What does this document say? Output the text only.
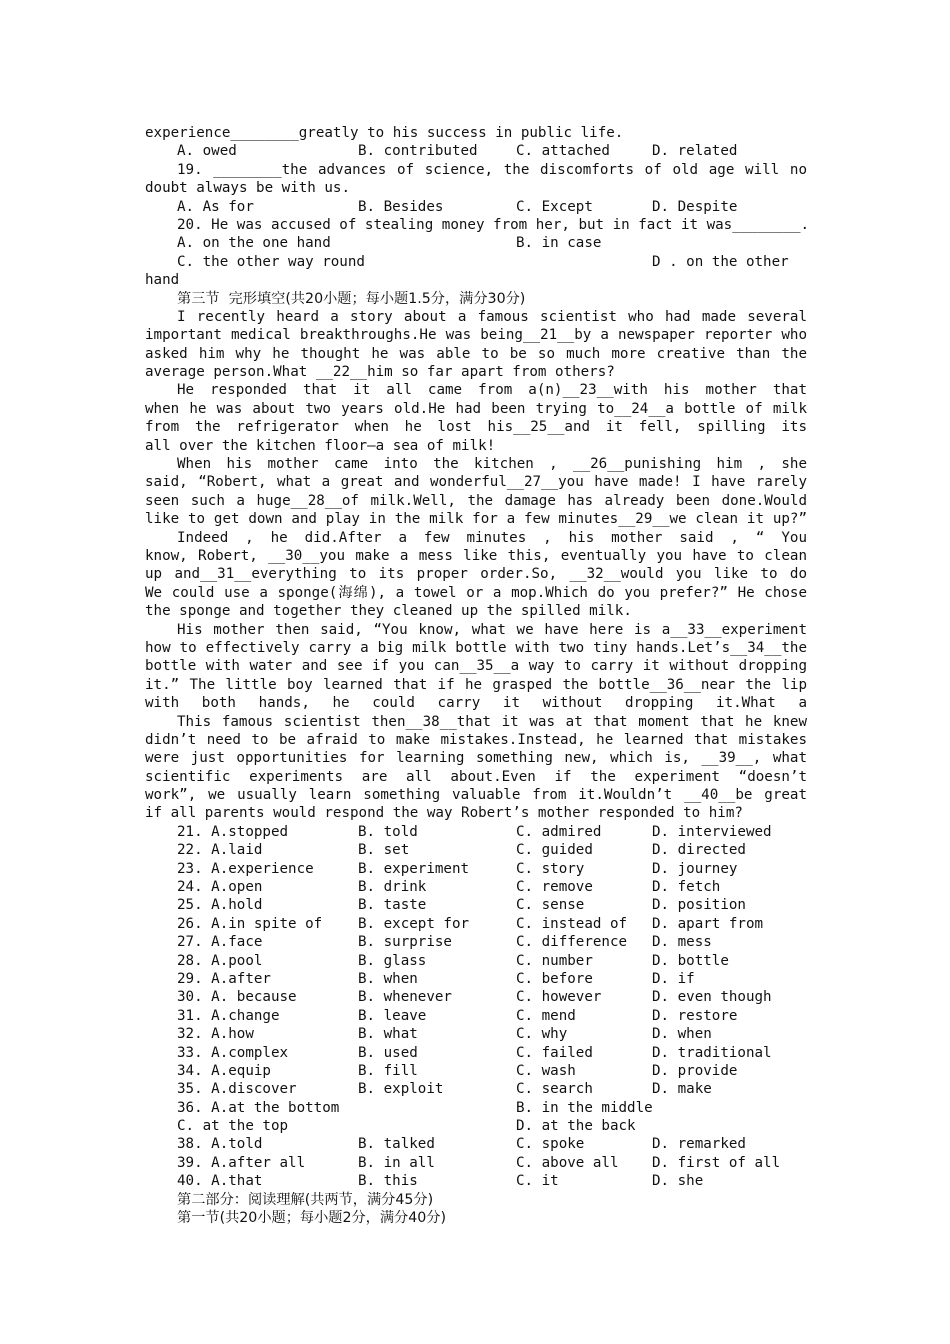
experience________greatly to his success in public life.

A. owed

	B. contributed

	C. attached

	D. related

19. ________the advances of science, the discomforts of old age will no
doubt always be with us.

A. As for

	B. Besides

	C. Except

	D. Despite

20. He was accused of stealing money from her, but in fact it was________.

A. on the one hand

	B. in case

C. the other way round

	D . on the other

hand
第三节  完形填空(共20小题；每小题1.5分，满分30分)
I recently heard a story about a famous scientist who had made several
important medical breakthroughs.He was being__21__by a newspaper reporter who
asked him why he thought he was able to be so much more creative than the
average person.What __22__him so far apart from others?
He responded that it all came from a(n)__23__with his mother that
when he was about two years old.He had been trying to__24__a bottle of milk
from the refrigerator when he lost his__25__and it fell, spilling its
all over the kitchen floor—a sea of milk!
When his mother came into the kitchen , __26__punishing him , she
said, “Robert, what a great and wonderful__27__you have made! I have rarely
seen such a huge__28__of milk.Well, the damage has already been done.Would
like to get down and play in the milk for a few minutes__29__we clean it up?”
Indeed , he did.After a few minutes , his mother said , “ You
know, Robert, __30__you make a mess like this, eventually you have to clean
up and__31__everything to its proper order.So, __32__would you like to do
We could use a sponge(海绵), a towel or a mop.Which do you prefer?” He chose
the sponge and together they cleaned up the spilled milk.
His mother then said, “You know, what we have here is a__33__experiment
how to effectively carry a big milk bottle with two tiny hands.Let’s__34__the
bottle with water and see if you can__35__a way to carry it without dropping
it.” The little boy learned that if he grasped the bottle__36__near the lip
with both hands, he could carry it without dropping it.What a
This famous scientist then__38__that it was at that moment that he knew
didn’t need to be afraid to make mistakes.Instead, he learned that mistakes
were just opportunities for learning something new, which is, __39__, what
scientific experiments are all about.Even if the experiment “doesn’t
work”, we usually learn something valuable from it.Wouldn’t __40__be great
if all parents would respond the way Robert’s mother responded to him?
21. A.stopped	B. told	C. admired	D. interviewed
22. A.laid	B. set	C. guided	D. directed
23. A.experience	B. experiment	C. story	D. journey
24. A.open	B. drink	C. remove	D. fetch
25. A.hold	B. taste	C. sense	D. position
26. A.in spite of	B. except for	C. instead of D. apart from
27. A.face	B. surprise	C. difference D. mess
28. A.pool	B. glass	C. number	D. bottle
29. A.after	B. when	C. before	D. if
30. A. because	B. whenever	C. however	D. even though
31. A.change	B. leave	C. mend	D. restore
32. A.how	B. what	C. why	D. when
33. A.complex	B. used	C. failed	D. traditional
34. A.equip	B. fill	C. wash	D. provide
35. A.discover	B. exploit	C. search	D. make

36. A.at the bottom

	B. in the middle

C. at the top

	D. at the back

38. A.told	B. talked	C. spoke	D. remarked
39. A.after all	B. in all	C. above all D. first of all
40. A.that	B. this	C. it	D. she
第二部分：阅读理解(共两节，满分45分)
第一节(共20小题；每小题2分，满分40分)
